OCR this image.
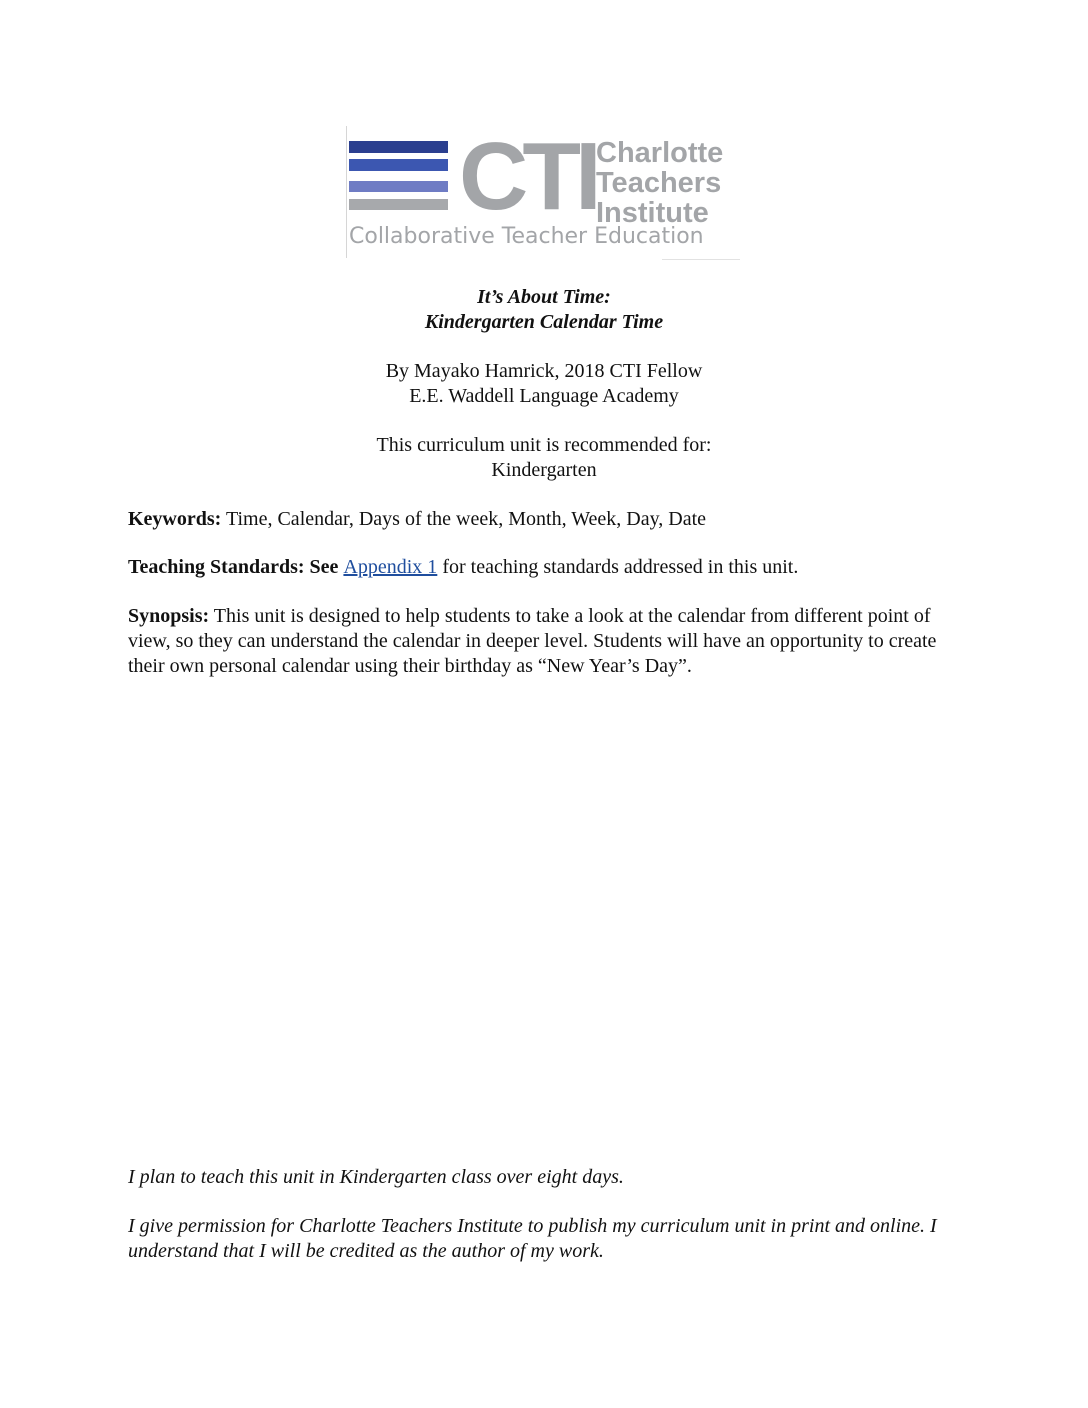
CTI Charlotte
Teachers
Institute
Collaborative Teacher Education
It’s About Time:
Kindergarten Calendar Time
By Mayako Hamrick, 2018 CTI Fellow
E.E. Waddell Language Academy
This curriculum unit is recommended for:
Kindergarten
Keywords: Time, Calendar, Days of the week, Month, Week, Day, Date
Teaching Standards: See Appendix 1 for teaching standards addressed in this unit.
Synopsis: This unit is designed to help students to take a look at the calendar from different point of view, so they can understand the calendar in deeper level. Students will have an opportunity to create their own personal calendar using their birthday as “New Year’s Day”.
I plan to teach this unit in Kindergarten class over eight days.
I give permission for Charlotte Teachers Institute to publish my curriculum unit in print and online. I understand that I will be credited as the author of my work.
